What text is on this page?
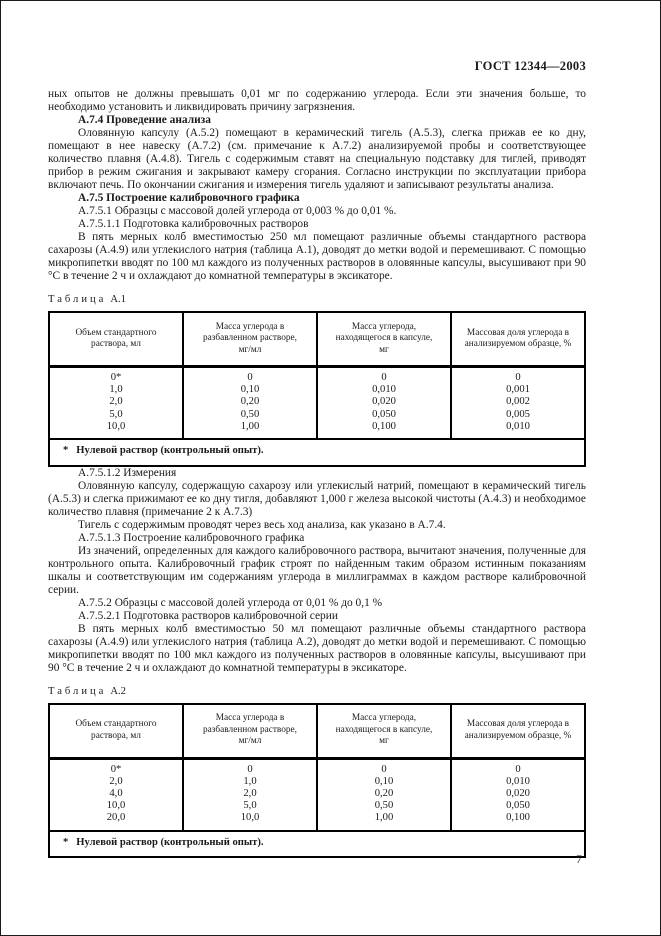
ГОСТ 12344—2003

ных опытов не должны превышать 0,01 мг по содержанию углерода. Если эти значения больше, то необходимо установить и ликвидировать причину загрязнения.

А.7.4 Проведение анализа

Оловянную капсулу (А.5.2) помещают в керамический тигель (А.5.3), слегка прижав ее ко дну, помещают в нее навеску (А.7.2) (см. примечание к А.7.2) анализируемой пробы и соответствующее количество плавня (А.4.8). Тигель с содержимым ставят на специальную подставку для тиглей, приводят прибор в режим сжигания и закрывают камеру сгорания. Согласно инструкции по эксплуатации прибора включают печь. По окончании сжигания и измерения тигель удаляют и записывают результаты анализа.

А.7.5 Построение калибровочного графика

А.7.5.1 Образцы с массовой долей углерода от 0,003 % до 0,01 %.

А.7.5.1.1 Подготовка калибровочных растворов

В пять мерных колб вместимостью 250 мл помещают различные объемы стандартного раствора сахарозы (А.4.9) или углекислого натрия (таблица А.1), доводят до метки водой и перемешивают. С помощью микропипетки вводят по 100 мл каждого из полученных растворов в оловянные капсулы, высушивают при 90 °С в течение 2 ч и охлаждают до комнатной температуры в эксикаторе.

Таблица А.1

Объем стандартного раствора, мл	Масса углерода в разбавленном растворе, мг/мл	Масса углерода, находящегося в капсуле, мг	Массовая доля углерода в анализируемом образце, %
0*	0	0	0
1,0	0,10	0,010	0,001
2,0	0,20	0,020	0,002
5,0	0,50	0,050	0,005
10,0	1,00	0,100	0,010
* Нулевой раствор (контрольный опыт).			

А.7.5.1.2 Измерения

Оловянную капсулу, содержащую сахарозу или углекислый натрий, помещают в керамический тигель (А.5.3) и слегка прижимают ее ко дну тигля, добавляют 1,000 г железа высокой чистоты (А.4.3) и необходимое количество плавня (примечание 2 к А.7.3)

Тигель с содержимым проводят через весь ход анализа, как указано в А.7.4.

А.7.5.1.3 Построение калибровочного графика

Из значений, определенных для каждого калибровочного раствора, вычитают значения, полученные для контрольного опыта. Калибровочный график строят по найденным таким образом истинным показаниям шкалы и соответствующим им содержаниям углерода в миллиграммах в каждом растворе калибровочной серии.

А.7.5.2 Образцы с массовой долей углерода от 0,01 % до 0,1 %

А.7.5.2.1 Подготовка растворов калибровочной серии

В пять мерных колб вместимостью 50 мл помещают различные объемы стандартного раствора сахарозы (А.4.9) или углекислого натрия (таблица А.2), доводят до метки водой и перемешивают. С помощью микропипетки вводят по 100 мкл каждого из полученных растворов в оловянные капсулы, высушивают при 90 °С в течение 2 ч и охлаждают до комнатной температуры в эксикаторе.

Таблица А.2

Объем стандартного раствора, мл	Масса углерода в разбавленном растворе, мг/мл	Масса углерода, находящегося в капсуле, мг	Массовая доля углерода в анализируемом образце, %
0*	0	0	0
2,0	1,0	0,10	0,010
4,0	2,0	0,20	0,020
10,0	5,0	0,50	0,050
20,0	10,0	1,00	0,100
* Нулевой раствор (контрольный опыт).			
7
